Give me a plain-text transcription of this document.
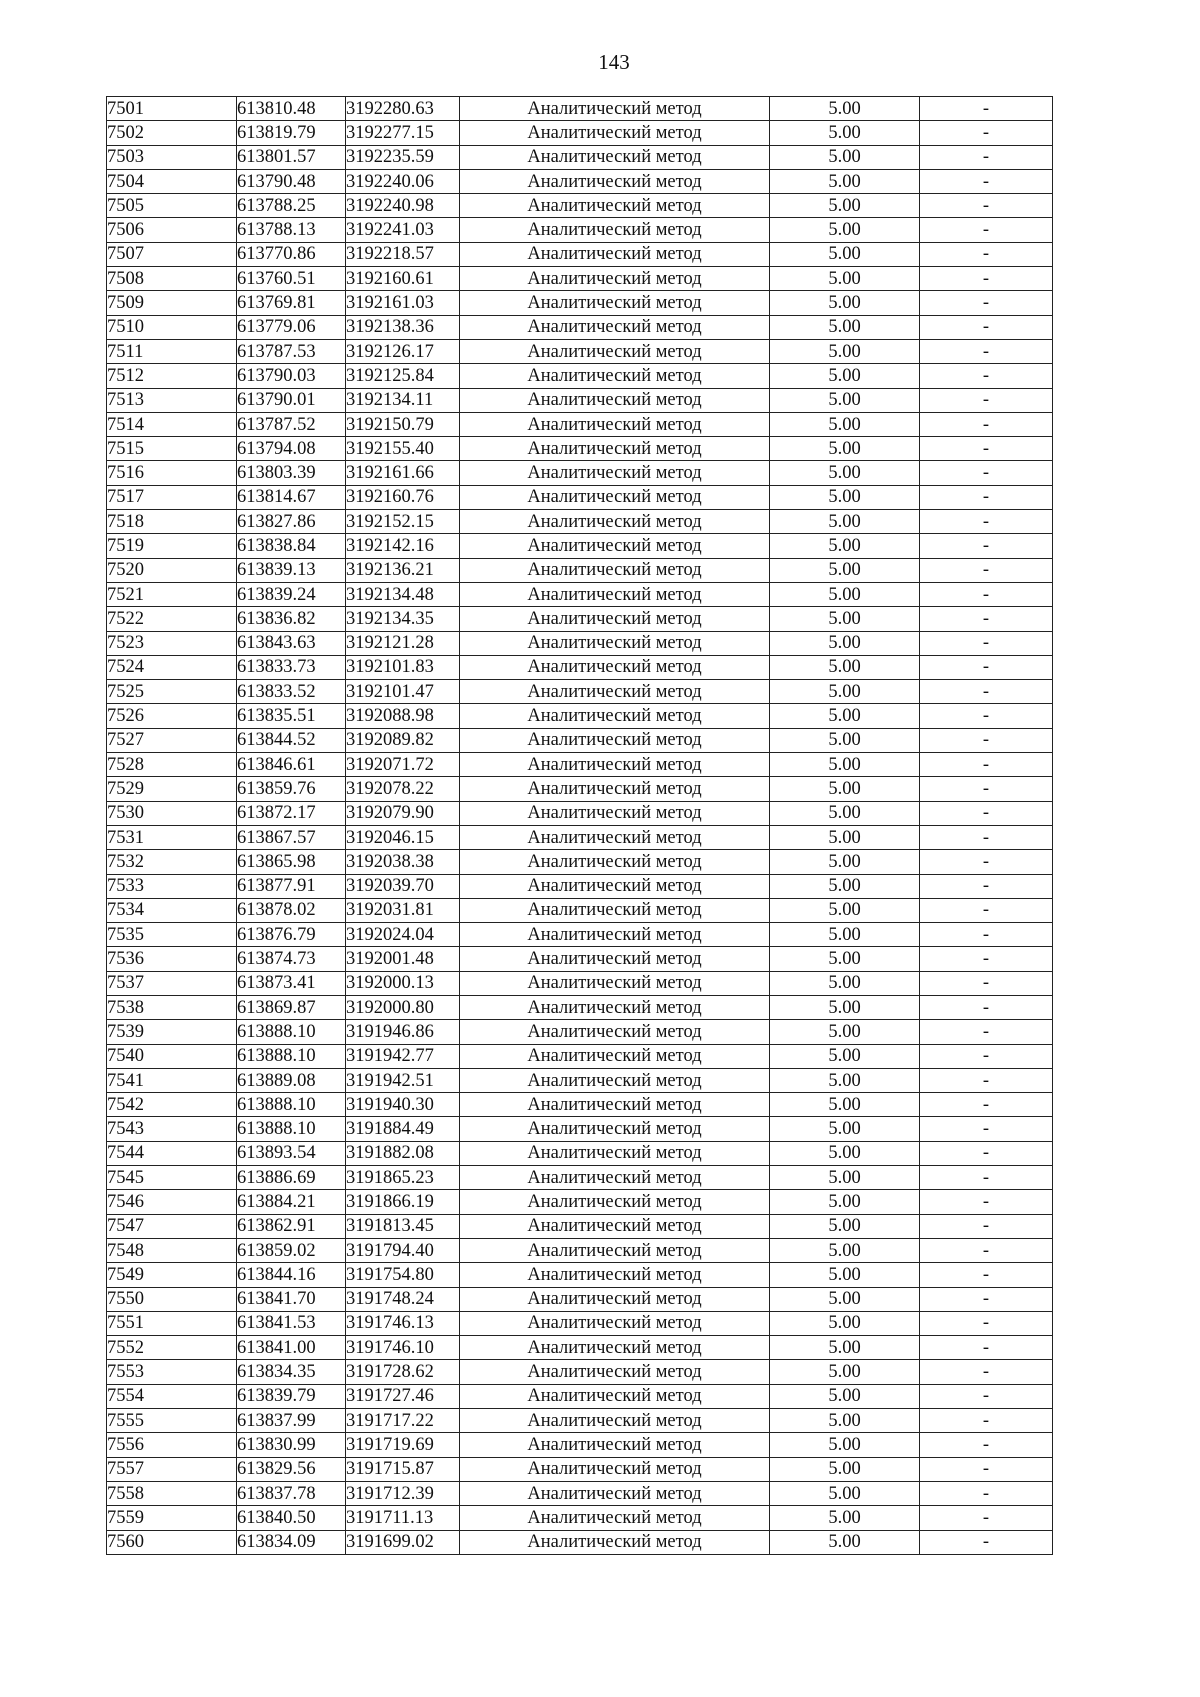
143
7501	613810.48	3192280.63	Аналитический метод	5.00	-
7502	613819.79	3192277.15	Аналитический метод	5.00	-
7503	613801.57	3192235.59	Аналитический метод	5.00	-
7504	613790.48	3192240.06	Аналитический метод	5.00	-
7505	613788.25	3192240.98	Аналитический метод	5.00	-
7506	613788.13	3192241.03	Аналитический метод	5.00	-
7507	613770.86	3192218.57	Аналитический метод	5.00	-
7508	613760.51	3192160.61	Аналитический метод	5.00	-
7509	613769.81	3192161.03	Аналитический метод	5.00	-
7510	613779.06	3192138.36	Аналитический метод	5.00	-
7511	613787.53	3192126.17	Аналитический метод	5.00	-
7512	613790.03	3192125.84	Аналитический метод	5.00	-
7513	613790.01	3192134.11	Аналитический метод	5.00	-
7514	613787.52	3192150.79	Аналитический метод	5.00	-
7515	613794.08	3192155.40	Аналитический метод	5.00	-
7516	613803.39	3192161.66	Аналитический метод	5.00	-
7517	613814.67	3192160.76	Аналитический метод	5.00	-
7518	613827.86	3192152.15	Аналитический метод	5.00	-
7519	613838.84	3192142.16	Аналитический метод	5.00	-
7520	613839.13	3192136.21	Аналитический метод	5.00	-
7521	613839.24	3192134.48	Аналитический метод	5.00	-
7522	613836.82	3192134.35	Аналитический метод	5.00	-
7523	613843.63	3192121.28	Аналитический метод	5.00	-
7524	613833.73	3192101.83	Аналитический метод	5.00	-
7525	613833.52	3192101.47	Аналитический метод	5.00	-
7526	613835.51	3192088.98	Аналитический метод	5.00	-
7527	613844.52	3192089.82	Аналитический метод	5.00	-
7528	613846.61	3192071.72	Аналитический метод	5.00	-
7529	613859.76	3192078.22	Аналитический метод	5.00	-
7530	613872.17	3192079.90	Аналитический метод	5.00	-
7531	613867.57	3192046.15	Аналитический метод	5.00	-
7532	613865.98	3192038.38	Аналитический метод	5.00	-
7533	613877.91	3192039.70	Аналитический метод	5.00	-
7534	613878.02	3192031.81	Аналитический метод	5.00	-
7535	613876.79	3192024.04	Аналитический метод	5.00	-
7536	613874.73	3192001.48	Аналитический метод	5.00	-
7537	613873.41	3192000.13	Аналитический метод	5.00	-
7538	613869.87	3192000.80	Аналитический метод	5.00	-
7539	613888.10	3191946.86	Аналитический метод	5.00	-
7540	613888.10	3191942.77	Аналитический метод	5.00	-
7541	613889.08	3191942.51	Аналитический метод	5.00	-
7542	613888.10	3191940.30	Аналитический метод	5.00	-
7543	613888.10	3191884.49	Аналитический метод	5.00	-
7544	613893.54	3191882.08	Аналитический метод	5.00	-
7545	613886.69	3191865.23	Аналитический метод	5.00	-
7546	613884.21	3191866.19	Аналитический метод	5.00	-
7547	613862.91	3191813.45	Аналитический метод	5.00	-
7548	613859.02	3191794.40	Аналитический метод	5.00	-
7549	613844.16	3191754.80	Аналитический метод	5.00	-
7550	613841.70	3191748.24	Аналитический метод	5.00	-
7551	613841.53	3191746.13	Аналитический метод	5.00	-
7552	613841.00	3191746.10	Аналитический метод	5.00	-
7553	613834.35	3191728.62	Аналитический метод	5.00	-
7554	613839.79	3191727.46	Аналитический метод	5.00	-
7555	613837.99	3191717.22	Аналитический метод	5.00	-
7556	613830.99	3191719.69	Аналитический метод	5.00	-
7557	613829.56	3191715.87	Аналитический метод	5.00	-
7558	613837.78	3191712.39	Аналитический метод	5.00	-
7559	613840.50	3191711.13	Аналитический метод	5.00	-
7560	613834.09	3191699.02	Аналитический метод	5.00	-
